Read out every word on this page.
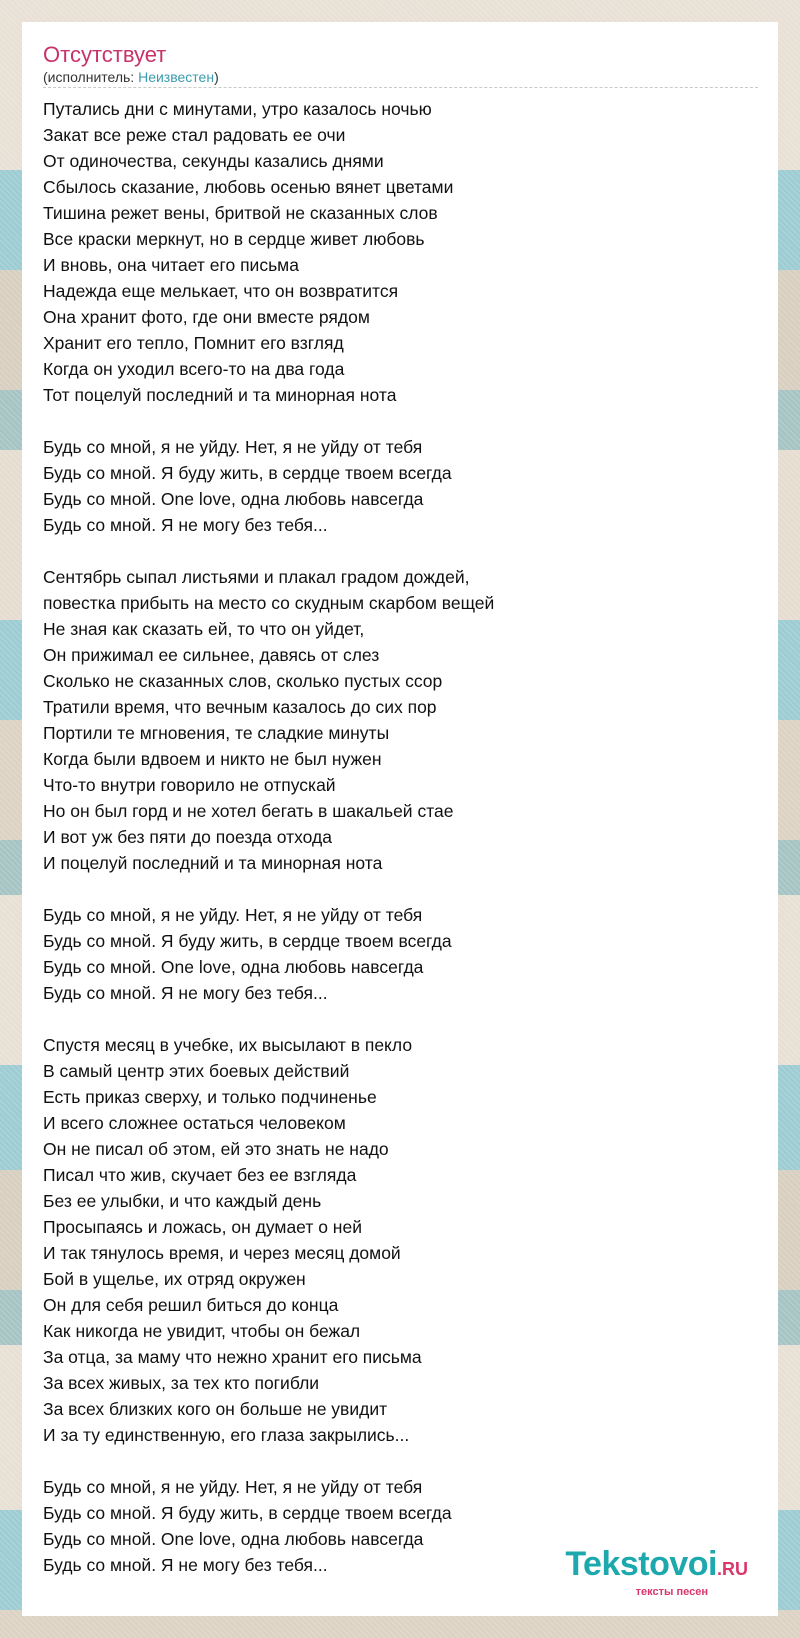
Отсутствует
(исполнитель: Неизвестен)
Путались дни с минутами, утро казалось ночью
Закат все реже стал радовать ее очи
От одиночества, секунды казались днями
Сбылось сказание, любовь осенью вянет цветами
Тишина режет вены, бритвой не сказанных слов
Все краски меркнут, но в сердце живет любовь
И вновь, она читает его письма
Надежда еще мелькает, что он возвратится
Она хранит фото, где они вместе рядом
Хранит его тепло, Помнит его взгляд
Когда он уходил всего-то на два года
Тот поцелуй последний и та минорная нота
Будь со мной, я не уйду. Нет, я не уйду от тебя
Будь со мной. Я буду жить, в сердце твоем всегда
Будь со мной. One love, одна любовь навсегда
Будь со мной. Я не могу без тебя...
Сентябрь сыпал листьями и плакал градом дождей,
повестка прибыть на место со скудным скарбом вещей
Не зная как сказать ей, то что он уйдет,
Он прижимал ее сильнее, давясь от слез
Сколько не сказанных слов, сколько пустых ссор
Тратили время, что вечным казалось до сих пор
Портили те мгновения, те сладкие минуты
Когда были вдвоем и никто не был нужен
Что-то внутри говорило не отпускай
Но он был горд и не хотел бегать в шакальей стае
И вот уж без пяти до поезда отхода
И поцелуй последний и та минорная нота
Будь со мной, я не уйду. Нет, я не уйду от тебя
Будь со мной. Я буду жить, в сердце твоем всегда
Будь со мной. One love, одна любовь навсегда
Будь со мной. Я не могу без тебя...
Спустя месяц в учебке, их высылают в пекло
В самый центр этих боевых действий
Есть приказ сверху, и только подчиненье
И всего сложнее остаться человеком
Он не писал об этом, ей это знать не надо
Писал что жив, скучает без ее взгляда
Без ее улыбки, и что каждый день
Просыпаясь и ложась, он думает о ней
И так тянулось время, и через месяц домой
Бой в ущелье, их отряд окружен
Он для себя решил биться до конца
Как никогда не увидит, чтобы он бежал
За отца, за маму что нежно хранит его письма
За всех живых, за тех кто погибли
За всех близких кого он больше не увидит
И за ту единственную, его глаза закрылись...
Будь со мной, я не уйду. Нет, я не уйду от тебя
Будь со мной. Я буду жить, в сердце твоем всегда
Будь со мной. One love, одна любовь навсегда
Будь со мной. Я не могу без тебя...	Tekstovoi.RU
тексты песен
